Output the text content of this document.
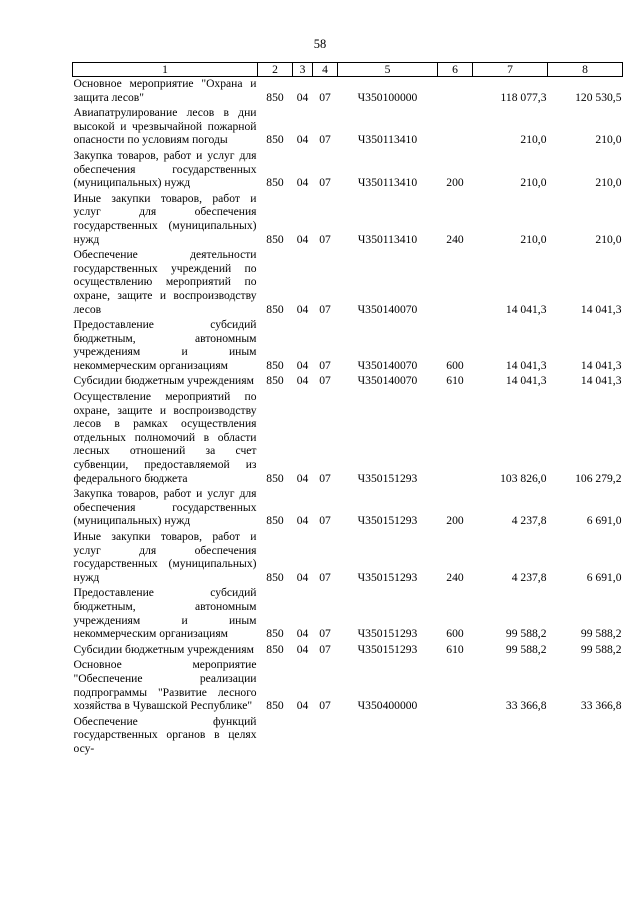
58
1	2	3	4	5	6	7	8
Основное мероприятие "Охрана и защита лесов"	850	04	07	Ч350100000		118 077,3	120 530,5
Авиапатрулирование лесов в дни высокой и чрезвычайной пожарной опасности по условиям погоды	850	04	07	Ч350113410		210,0	210,0
Закупка товаров, работ и услуг для обеспечения государственных (муниципальных) нужд	850	04	07	Ч350113410	200	210,0	210,0
Иные закупки товаров, работ и услуг для обеспечения государственных (муниципальных) нужд	850	04	07	Ч350113410	240	210,0	210,0
Обеспечение деятельности государственных учреждений по осуществлению мероприятий по охране, защите и воспроизводству лесов	850	04	07	Ч350140070		14 041,3	14 041,3
Предоставление субсидий бюджетным, автономным учреждениям и иным некоммерческим организациям	850	04	07	Ч350140070	600	14 041,3	14 041,3
Субсидии бюджетным учреждениям	850	04	07	Ч350140070	610	14 041,3	14 041,3
Осуществление мероприятий по охране, защите и воспроизводству лесов в рамках осуществления отдельных полномочий в области лесных отношений за счет субвенции, предоставляемой из федерального бюджета	850	04	07	Ч350151293		103 826,0	106 279,2
Закупка товаров, работ и услуг для обеспечения государственных (муниципальных) нужд	850	04	07	Ч350151293	200	4 237,8	6 691,0
Иные закупки товаров, работ и услуг для обеспечения государственных (муниципальных) нужд	850	04	07	Ч350151293	240	4 237,8	6 691,0
Предоставление субсидий бюджетным, автономным учреждениям и иным некоммерческим организациям	850	04	07	Ч350151293	600	99 588,2	99 588,2
Субсидии бюджетным учреждениям	850	04	07	Ч350151293	610	99 588,2	99 588,2
Основное мероприятие "Обеспечение реализации подпрограммы "Развитие лесного хозяйства в Чувашской Республике"	850	04	07	Ч350400000		33 366,8	33 366,8
Обеспечение функций государственных органов в целях осу-							
